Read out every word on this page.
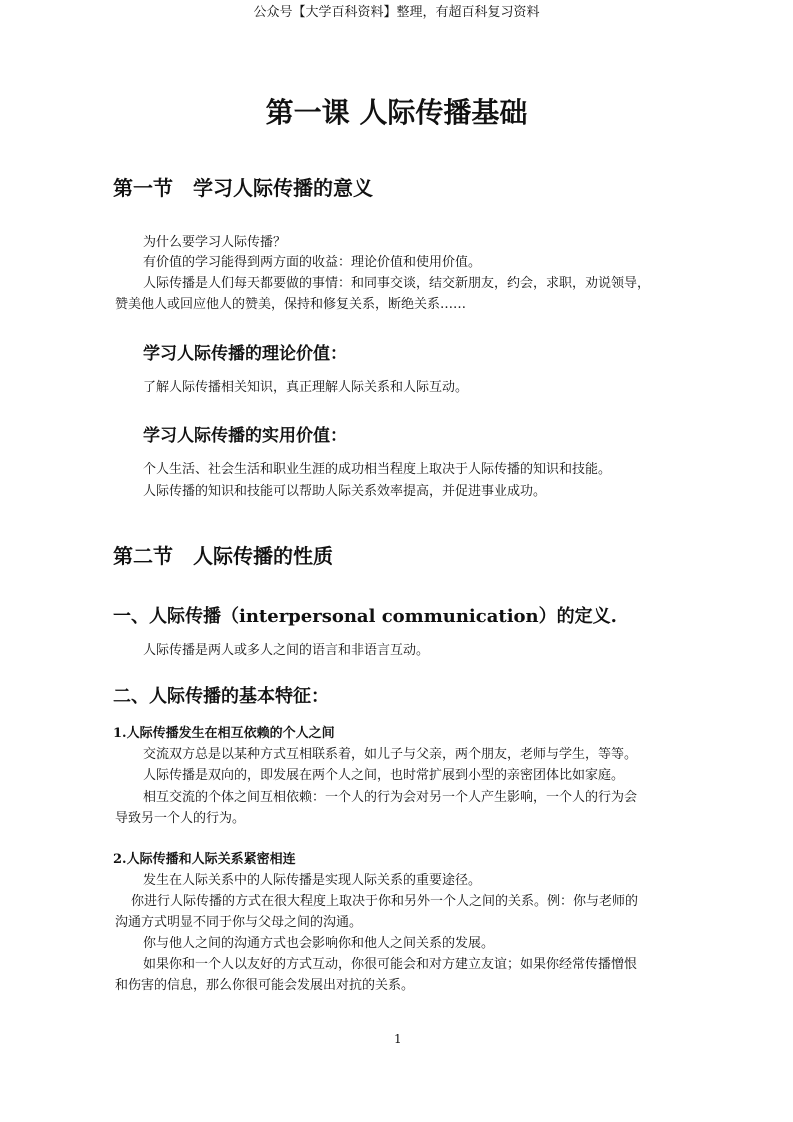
公众号【大学百科资料】整理，有超百科复习资料
第一课 人际传播基础
第一节　学习人际传播的意义
为什么要学习人际传播？
有价值的学习能得到两方面的收益：理论价值和使用价值。
人际传播是人们每天都要做的事情：和同事交谈，结交新朋友，约会，求职，劝说领导，
赞美他人或回应他人的赞美，保持和修复关系，断绝关系……
学习人际传播的理论价值：
了解人际传播相关知识，真正理解人际关系和人际互动。
学习人际传播的实用价值：
个人生活、社会生活和职业生涯的成功相当程度上取决于人际传播的知识和技能。
人际传播的知识和技能可以帮助人际关系效率提高，并促进事业成功。
第二节　人际传播的性质
一、人际传播（interpersonal communication）的定义.
人际传播是两人或多人之间的语言和非语言互动。
二、人际传播的基本特征：
1.人际传播发生在相互依赖的个人之间
交流双方总是以某种方式互相联系着，如儿子与父亲，两个朋友，老师与学生，等等。
人际传播是双向的，即发展在两个人之间，也时常扩展到小型的亲密团体比如家庭。
相互交流的个体之间互相依赖：一个人的行为会对另一个人产生影响，一个人的行为会
导致另一个人的行为。
2.人际传播和人际关系紧密相连
发生在人际关系中的人际传播是实现人际关系的重要途径。
你进行人际传播的方式在很大程度上取决于你和另外一个人之间的关系。例：你与老师的
沟通方式明显不同于你与父母之间的沟通。
你与他人之间的沟通方式也会影响你和他人之间关系的发展。
如果你和一个人以友好的方式互动，你很可能会和对方建立友谊；如果你经常传播憎恨
和伤害的信息，那么你很可能会发展出对抗的关系。
1
